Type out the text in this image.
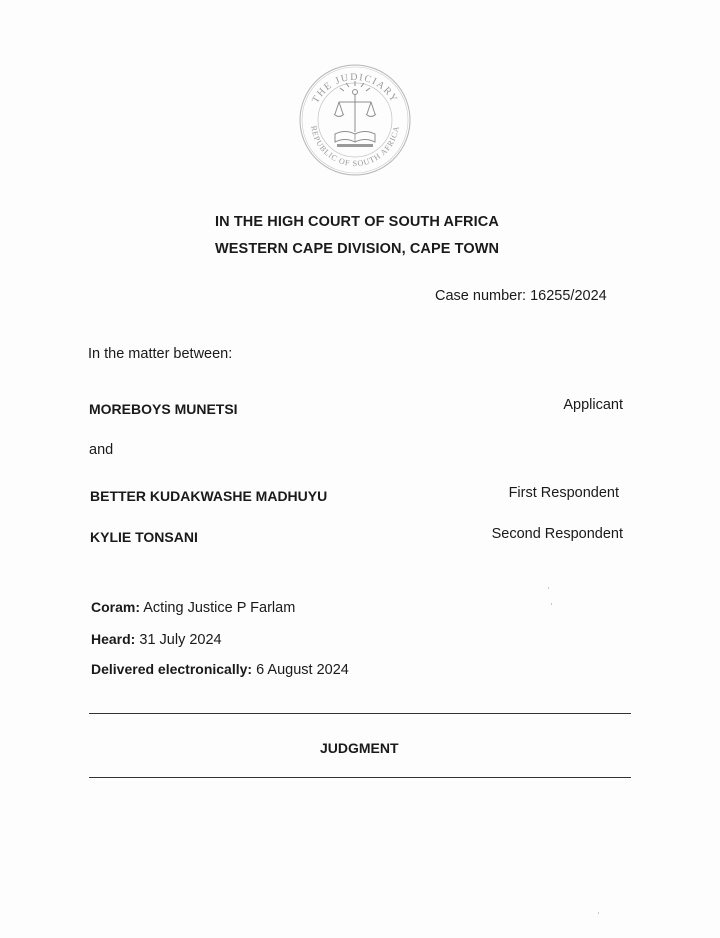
THE JUDICIARY
REPUBLIC OF SOUTH AFRICA
IN THE HIGH COURT OF SOUTH AFRICA
WESTERN CAPE DIVISION, CAPE TOWN
Case number: 16255/2024
In the matter between:
MOREBOYS MUNETSI	Applicant
and
BETTER KUDAKWASHE MADHUYU	First Respondent
KYLIE TONSANI	Second Respondent
Coram: Acting Justice P Farlam
Heard: 31 July 2024
Delivered electronically: 6 August 2024
JUDGMENT
